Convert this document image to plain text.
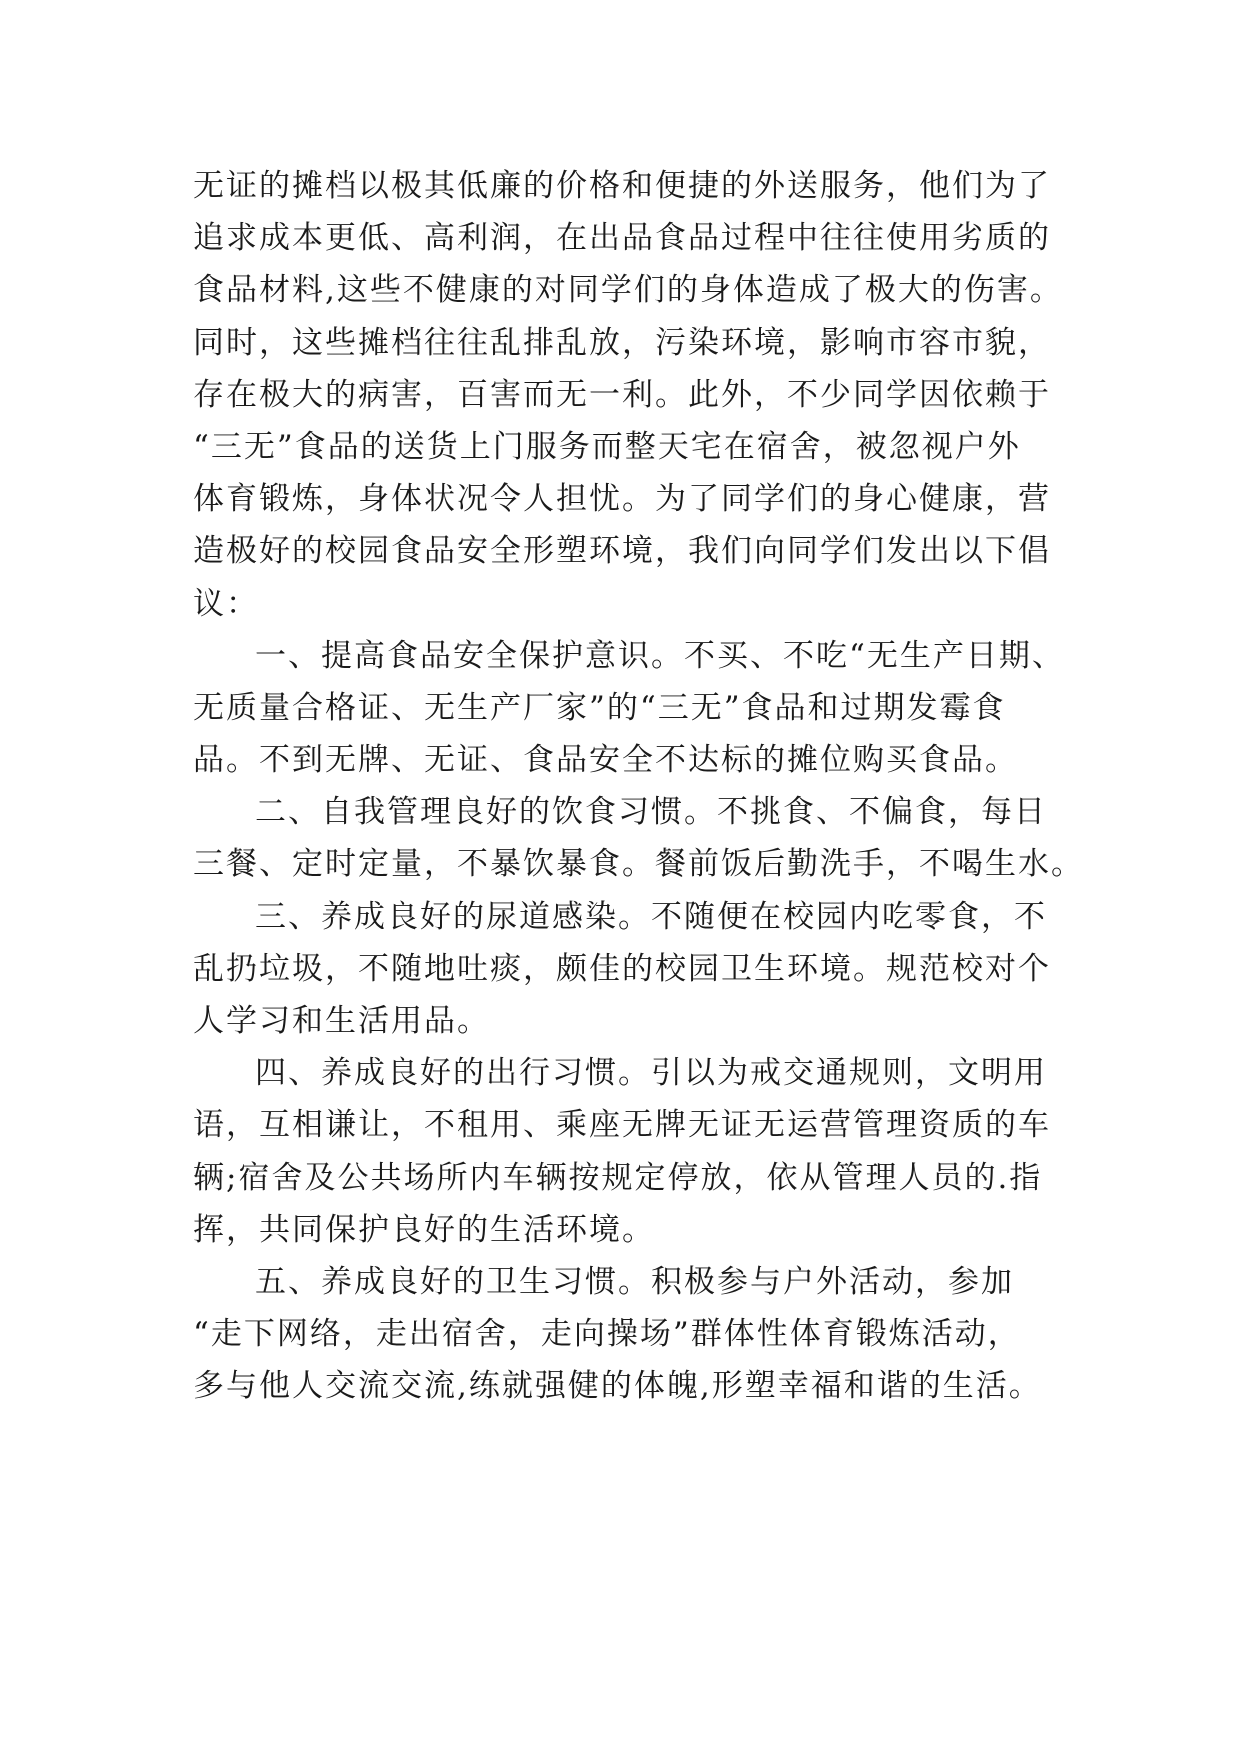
无证的摊档以极其低廉的价格和便捷的外送服务，他们为了
追求成本更低、高利润，在出品食品过程中往往使用劣质的
食品材料,这些不健康的对同学们的身体造成了极大的伤害。
同时，这些摊档往往乱排乱放，污染环境，影响市容市貌，
存在极大的病害，百害而无一利。此外，不少同学因依赖于
“三无”食品的送货上门服务而整天宅在宿舍，被忽视户外
体育锻炼，身体状况令人担忧。为了同学们的身心健康，营
造极好的校园食品安全形塑环境，我们向同学们发出以下倡
议：
一、提高食品安全保护意识。不买、不吃“无生产日期、
无质量合格证、无生产厂家”的“三无”食品和过期发霉食
品。不到无牌、无证、食品安全不达标的摊位购买食品。
二、自我管理良好的饮食习惯。不挑食、不偏食，每日
三餐、定时定量，不暴饮暴食。餐前饭后勤洗手，不喝生水。
三、养成良好的尿道感染。不随便在校园内吃零食，不
乱扔垃圾，不随地吐痰，颇佳的校园卫生环境。规范校对个
人学习和生活用品。
四、养成良好的出行习惯。引以为戒交通规则，文明用
语，互相谦让，不租用、乘座无牌无证无运营管理资质的车
辆;宿舍及公共场所内车辆按规定停放，依从管理人员的.指
挥，共同保护良好的生活环境。
五、养成良好的卫生习惯。积极参与户外活动，参加
“走下网络，走出宿舍，走向操场”群体性体育锻炼活动，
多与他人交流交流,练就强健的体魄,形塑幸福和谐的生活。
